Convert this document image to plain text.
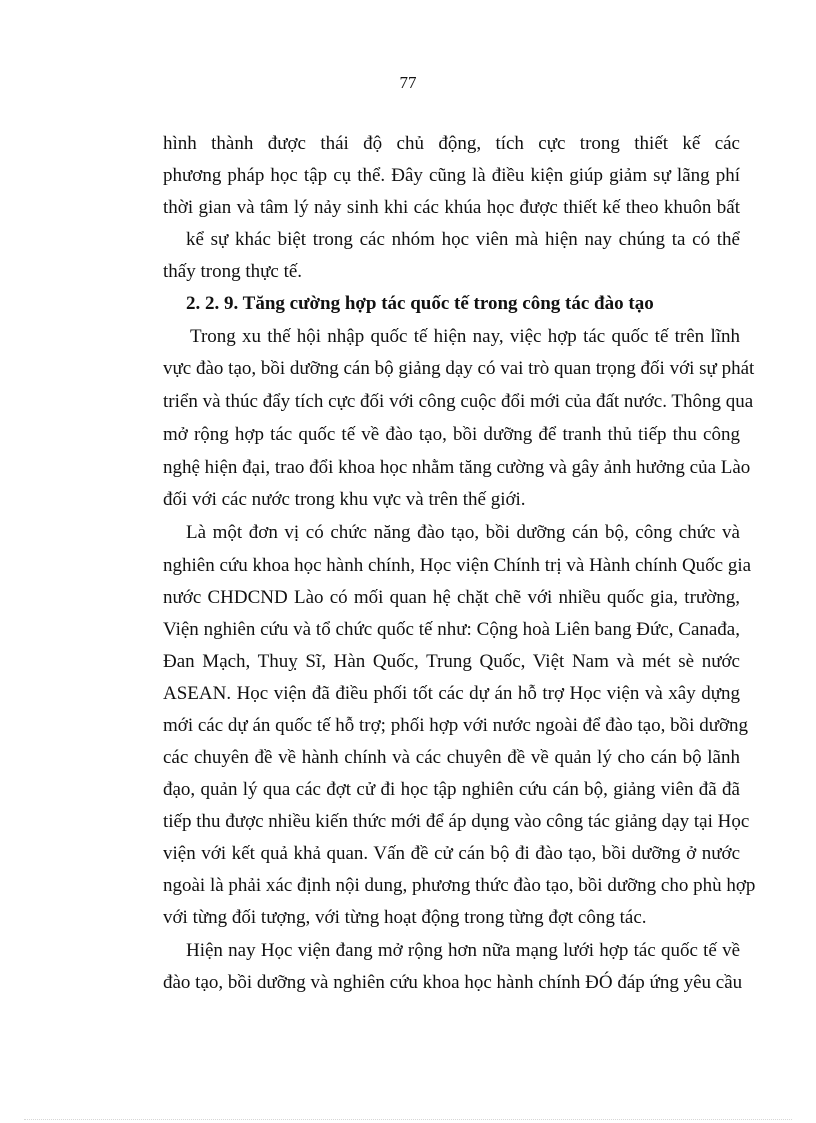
77
hình thành được thái độ chủ động, tích cực trong thiết kế các
phương pháp học tập cụ thể. Đây cũng là điều kiện giúp giảm sự lãng phí
thời gian và tâm lý nảy sinh khi các khúa học được thiết kế theo khuôn bất
kể sự khác biệt trong các nhóm học viên mà hiện nay chúng ta có thể
thấy trong thực tế.
2. 2. 9. Tăng cường hợp tác quốc tế trong công tác đào tạo
Trong xu thế hội nhập quốc tế hiện nay, việc hợp tác quốc tế trên lĩnh
vực đào tạo, bồi dưỡng cán bộ giảng dạy có vai trò quan trọng đối với sự phát
triển và thúc đẩy tích cực đối với công cuộc đổi mới của đất nước. Thông qua
mở rộng hợp tác quốc tế về đào tạo, bồi dưỡng để tranh thủ tiếp thu công
nghệ hiện đại, trao đổi khoa học nhằm tăng cường và gây ảnh hưởng của Lào
đối với các nước trong khu vực và trên thế giới.
Là một đơn vị có chức năng đào tạo, bồi dưỡng cán bộ, công chức và
nghiên cứu khoa học hành chính, Học viện Chính trị và Hành chính Quốc gia
nước CHDCND Lào có mối quan hệ chặt chẽ với nhiều quốc gia, trường,
Viện nghiên cứu và tổ chức quốc tế như: Cộng hoà Liên bang Đức, Canađa,
Đan Mạch, Thuỵ Sĩ, Hàn Quốc, Trung Quốc, Việt Nam và mét sè nước
ASEAN. Học viện đã điều phối tốt các dự án hỗ trợ Học viện và xây dựng
mới các dự án quốc tế hỗ trợ; phối hợp với nước ngoài để đào tạo, bồi dưỡng
các chuyên đề về hành chính và các chuyên đề về quản lý cho cán bộ lãnh
đạo, quản lý qua các đợt cử đi học tập nghiên cứu cán bộ, giảng viên đã đã
tiếp thu được nhiều kiến thức mới để áp dụng vào công tác giảng dạy tại Học
viện với kết quả khả quan. Vấn đề cử cán bộ đi đào tạo, bồi dưỡng ở nước
ngoài là phải xác định nội dung, phương thức đào tạo, bồi dưỡng cho phù hợp
với từng đối tượng, với từng hoạt động trong từng đợt công tác.
Hiện nay Học viện đang mở rộng hơn nữa mạng lưới hợp tác quốc tế về
đào tạo, bồi dưỡng và nghiên cứu khoa học hành chính ĐÓ đáp ứng yêu cầu
